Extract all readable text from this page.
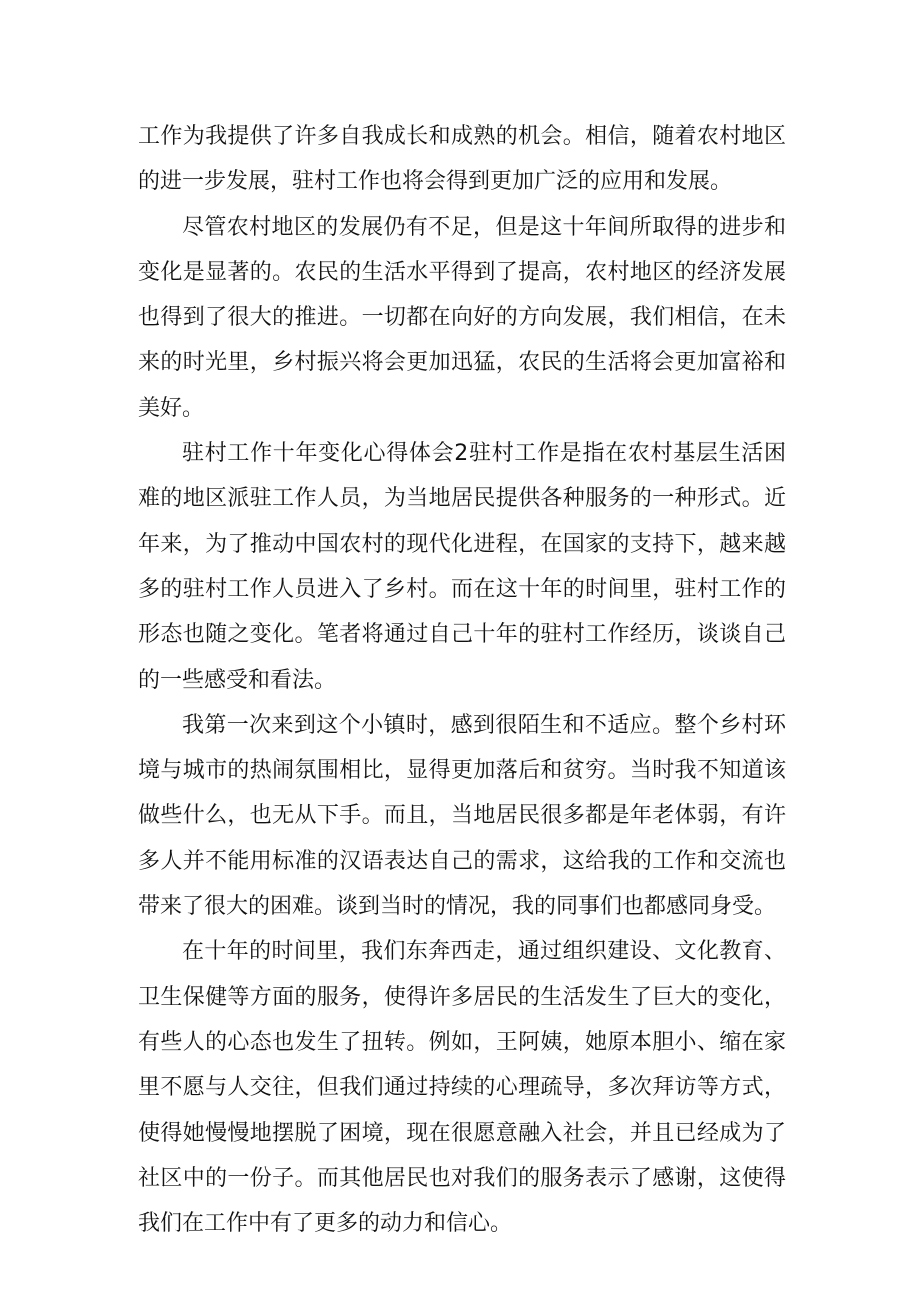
工作为我提供了许多自我成长和成熟的机会。相信，随着农村地区的进一步发展，驻村工作也将会得到更加广泛的应用和发展。

尽管农村地区的发展仍有不足，但是这十年间所取得的进步和变化是显著的。农民的生活水平得到了提高，农村地区的经济发展也得到了很大的推进。一切都在向好的方向发展，我们相信，在未来的时光里，乡村振兴将会更加迅猛，农民的生活将会更加富裕和美好。

驻村工作十年变化心得体会2驻村工作是指在农村基层生活困难的地区派驻工作人员，为当地居民提供各种服务的一种形式。近年来，为了推动中国农村的现代化进程，在国家的支持下，越来越多的驻村工作人员进入了乡村。而在这十年的时间里，驻村工作的形态也随之变化。笔者将通过自己十年的驻村工作经历，谈谈自己的一些感受和看法。

我第一次来到这个小镇时，感到很陌生和不适应。整个乡村环境与城市的热闹氛围相比，显得更加落后和贫穷。当时我不知道该做些什么，也无从下手。而且，当地居民很多都是年老体弱，有许多人并不能用标准的汉语表达自己的需求，这给我的工作和交流也带来了很大的困难。谈到当时的情况，我的同事们也都感同身受。

在十年的时间里，我们东奔西走，通过组织建设、文化教育、卫生保健等方面的服务，使得许多居民的生活发生了巨大的变化，有些人的心态也发生了扭转。例如，王阿姨，她原本胆小、缩在家里不愿与人交往，但我们通过持续的心理疏导，多次拜访等方式，使得她慢慢地摆脱了困境，现在很愿意融入社会，并且已经成为了社区中的一份子。而其他居民也对我们的服务表示了感谢，这使得我们在工作中有了更多的动力和信心。
